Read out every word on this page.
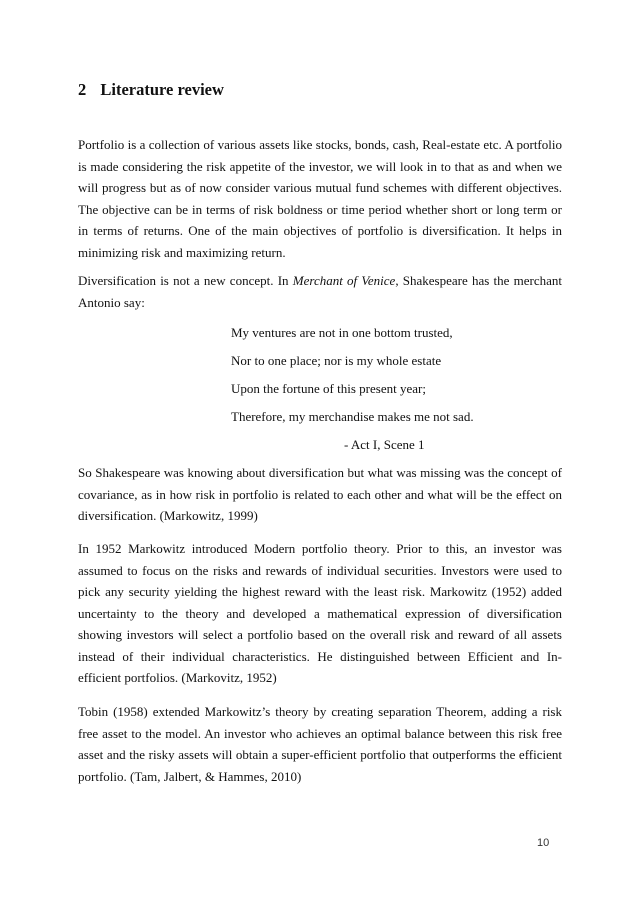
2 Literature review

Portfolio is a collection of various assets like stocks, bonds, cash, Real-estate etc. A portfolio is made considering the risk appetite of the investor, we will look in to that as and when we will progress but as of now consider various mutual fund schemes with different objectives. The objective can be in terms of risk boldness or time period whether short or long term or in terms of returns. One of the main objectives of portfolio is diversification. It helps in minimizing risk and maximizing return.

Diversification is not a new concept. In Merchant of Venice, Shakespeare has the merchant Antonio say:

My ventures are not in one bottom trusted,
Nor to one place; nor is my whole estate
Upon the fortune of this present year;
Therefore, my merchandise makes me not sad.
- Act I, Scene 1

So Shakespeare was knowing about diversification but what was missing was the concept of covariance, as in how risk in portfolio is related to each other and what will be the effect on diversification. (Markowitz, 1999)

In 1952 Markowitz introduced Modern portfolio theory. Prior to this, an investor was assumed to focus on the risks and rewards of individual securities. Investors were used to pick any security yielding the highest reward with the least risk. Markowitz (1952) added uncertainty to the theory and developed a mathematical expression of diversification showing investors will select a portfolio based on the overall risk and reward of all assets instead of their individual characteristics. He distinguished between Efficient and In-efficient portfolios. (Markovitz, 1952)

Tobin (1958) extended Markowitz’s theory by creating separation Theorem, adding a risk free asset to the model. An investor who achieves an optimal balance between this risk free asset and the risky assets will obtain a super-efficient portfolio that outperforms the efficient portfolio. (Tam, Jalbert, & Hammes, 2010)

10
